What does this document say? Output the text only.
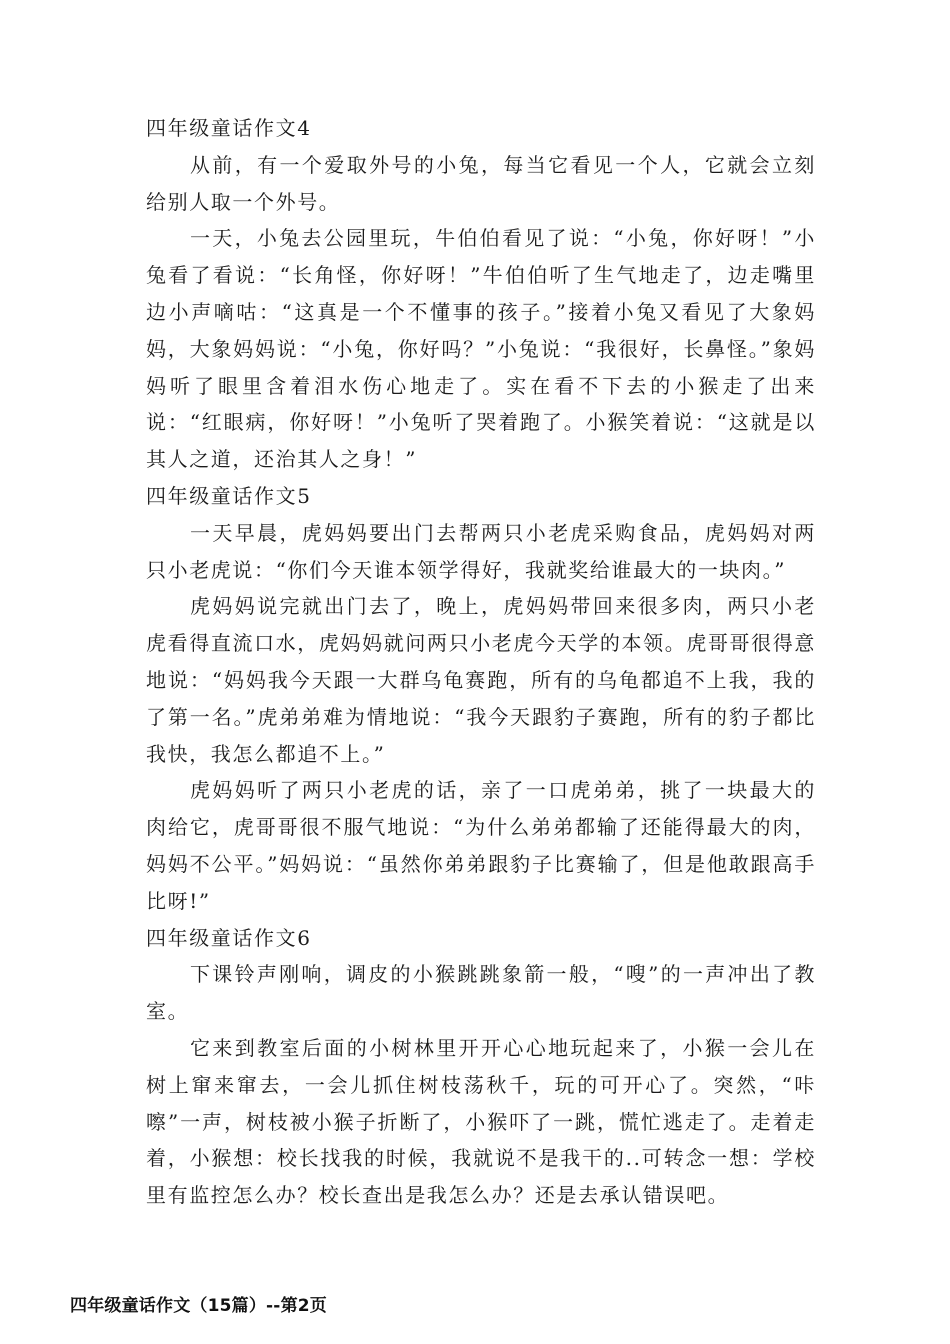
四年级童话作文4

从前，有一个爱取外号的小兔，每当它看见一个人，它就会立刻给别人取一个外号。

一天，小兔去公园里玩，牛伯伯看见了说：“小兔，你好呀！”小兔看了看说：“长角怪，你好呀！”牛伯伯听了生气地走了，边走嘴里边小声嘀咕：“这真是一个不懂事的孩子。”接着小兔又看见了大象妈妈，大象妈妈说：“小兔，你好吗？”小兔说：“我很好，长鼻怪。”象妈妈听了眼里含着泪水伤心地走了。实在看不下去的小猴走了出来说：“红眼病，你好呀！”小兔听了哭着跑了。小猴笑着说：“这就是以其人之道，还治其人之身！”

四年级童话作文5

一天早晨，虎妈妈要出门去帮两只小老虎采购食品，虎妈妈对两只小老虎说：“你们今天谁本领学得好，我就奖给谁最大的一块肉。”

虎妈妈说完就出门去了，晚上，虎妈妈带回来很多肉，两只小老虎看得直流口水，虎妈妈就问两只小老虎今天学的本领。虎哥哥很得意地说：“妈妈我今天跟一大群乌龟赛跑，所有的乌龟都追不上我，我的了第一名。”虎弟弟难为情地说：“我今天跟豹子赛跑，所有的豹子都比我快，我怎么都追不上。”

虎妈妈听了两只小老虎的话，亲了一口虎弟弟，挑了一块最大的肉给它，虎哥哥很不服气地说：“为什么弟弟都输了还能得最大的肉，妈妈不公平。”妈妈说：“虽然你弟弟跟豹子比赛输了，但是他敢跟高手比呀!”

四年级童话作文6

下课铃声刚响，调皮的小猴跳跳象箭一般，“嗖”的一声冲出了教室。

它来到教室后面的小树林里开开心心地玩起来了，小猴一会儿在树上窜来窜去，一会儿抓住树枝荡秋千，玩的可开心了。突然，“咔嚓”一声，树枝被小猴子折断了，小猴吓了一跳，慌忙逃走了。走着走着，小猴想：校长找我的时候，我就说不是我干的..可转念一想：学校里有监控怎么办？校长查出是我怎么办？还是去承认错误吧。

四年级童话作文（15篇）--第2页
